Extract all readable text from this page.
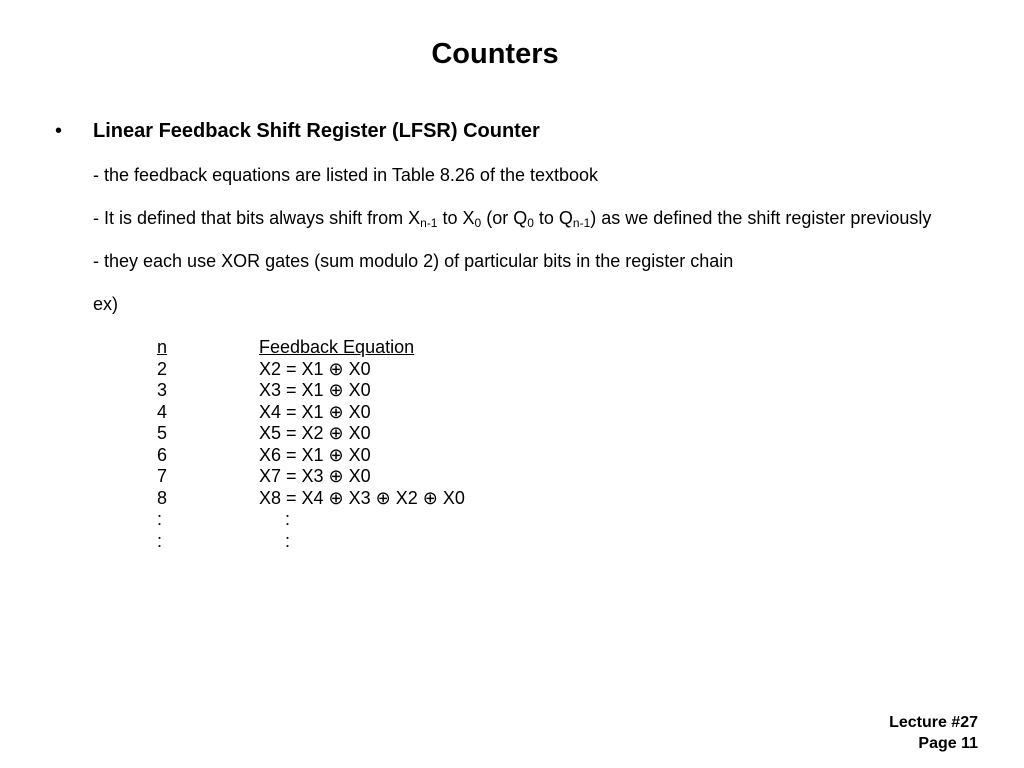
Counters
• Linear Feedback Shift Register (LFSR) Counter
- the feedback equations are listed in Table 8.26 of the textbook
- It is defined that bits always shift from $X_{n-1}$ to $X_0$ (or $Q_0$ to $Q_{n-1}$) as we defined the shift register previously
- they each use XOR gates (sum modulo 2) of particular bits in the register chain
ex)
n
2
3
4
5
6
7
8
:
:
Feedback Equation
X2 = X1 ⊕ X0
X3 = X1 ⊕ X0
X4 = X1 ⊕ X0
X5 = X2 ⊕ X0
X6 = X1 ⊕ X0
X7 = X3 ⊕ X0
X8 = X4 ⊕ X3 ⊕ X2 ⊕ X0
:
:
Lecture #27
Page 11
